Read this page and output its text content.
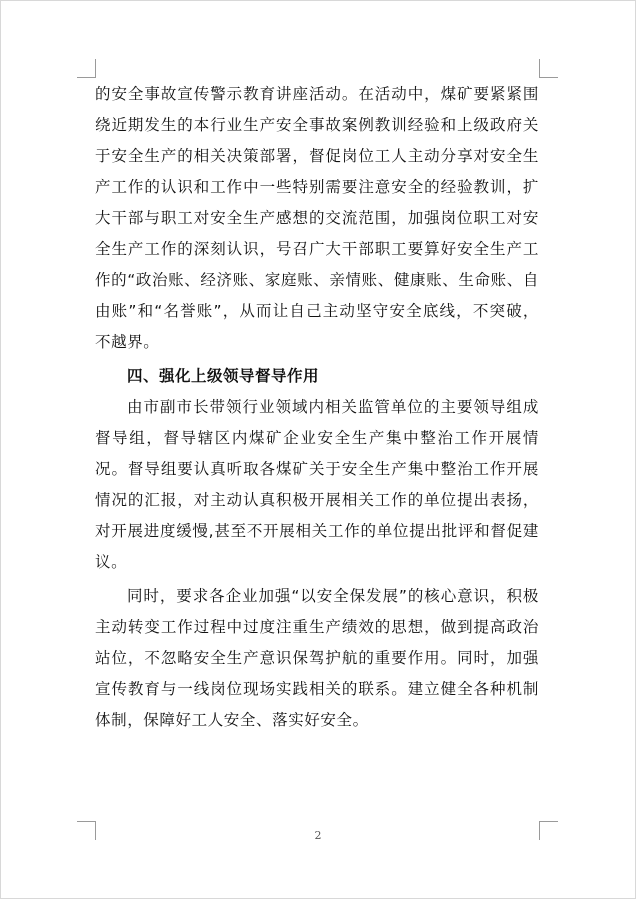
的安全事故宣传警示教育讲座活动。在活动中，煤矿要紧紧围绕近期发生的本行业生产安全事故案例教训经验和上级政府关于安全生产的相关决策部署，督促岗位工人主动分享对安全生产工作的认识和工作中一些特别需要注意安全的经验教训，扩大干部与职工对安全生产感想的交流范围，加强岗位职工对安全生产工作的深刻认识，号召广大干部职工要算好安全生产工作的“政治账、经济账、家庭账、亲情账、健康账、生命账、自由账”和“名誉账”，从而让自己主动坚守安全底线，不突破，不越界。

四、强化上级领导督导作用

由市副市长带领行业领域内相关监管单位的主要领导组成督导组，督导辖区内煤矿企业安全生产集中整治工作开展情况。督导组要认真听取各煤矿关于安全生产集中整治工作开展情况的汇报，对主动认真积极开展相关工作的单位提出表扬，对开展进度缓慢,甚至不开展相关工作的单位提出批评和督促建议。

同时，要求各企业加强“以安全保发展”的核心意识，积极主动转变工作过程中过度注重生产绩效的思想，做到提高政治站位，不忽略安全生产意识保驾护航的重要作用。同时，加强宣传教育与一线岗位现场实践相关的联系。建立健全各种机制体制，保障好工人安全、落实好安全。

2
